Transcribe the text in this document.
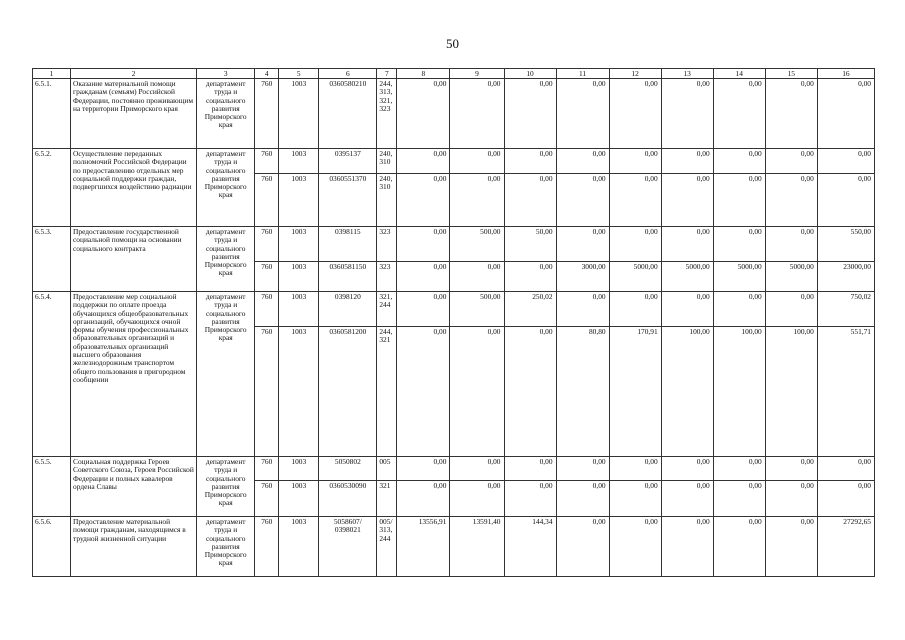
50
1	2	3	4	5	6	7	8	9	10	11	12	13	14	15	16
6.5.1.	Оказание материальной помощи гражданам (семьям) Российской Федерации, постоянно проживающим на территории Приморского края	департамент труда и социального развития Приморского края	760	1003	0360580210	244,
313,
321,
323	0,00	0,00	0,00	0,00	0,00	0,00	0,00	0,00	0,00
6.5.2.	Осуществление переданных полномочий Российской Федерации по предоставлению отдельных мер социальной поддержки граждан, подвергшихся воздействию радиации	департамент труда и социального развития Приморского края	760	1003	0395137	240,
310	0,00	0,00	0,00	0,00	0,00	0,00	0,00	0,00	0,00
			760	1003	0360551370	240,
310	0,00	0,00	0,00	0,00	0,00	0,00	0,00	0,00	0,00
6.5.3.	Предоставление государственной социальной помощи на основании социального контракта	департамент труда и социального развития Приморского края	760	1003	0398115	323	0,00	500,00	50,00	0,00	0,00	0,00	0,00	0,00	550,00
			760	1003	0360581150	323	0,00	0,00	0,00	3000,00	5000,00	5000,00	5000,00	5000,00	23000,00
6.5.4.	Предоставление мер социальной поддержки по оплате проезда обучающихся общеобразовательных организаций, обучающихся очной формы обучения профессиональных образовательных организаций и образовательных организаций высшего образования железнодорожным транспортом общего пользования в пригородном сообщении	департамент труда и социального развития Приморского края	760	1003	0398120	321,
244	0,00	500,00	250,02	0,00	0,00	0,00	0,00	0,00	750,02
			760	1003	0360581200	244,
321	0,00	0,00	0,00	80,80	170,91	100,00	100,00	100,00	551,71
6.5.5.	Социальная поддержка Героев Советского Союза, Героев Российской Федерации и полных кавалеров ордена Славы	департамент труда и социального развития Приморского края	760	1003	5050802	005	0,00	0,00	0,00	0,00	0,00	0,00	0,00	0,00	0,00
			760	1003	0360530090	321	0,00	0,00	0,00	0,00	0,00	0,00	0,00	0,00	0,00
6.5.6.	Предоставление материальной помощи гражданам, находящимся в трудной жизненной ситуации	департамент труда и социального развития Приморского края	760	1003	5058607/
0398021	005/
313,
244	13556,91	13591,40	144,34	0,00	0,00	0,00	0,00	0,00	27292,65
